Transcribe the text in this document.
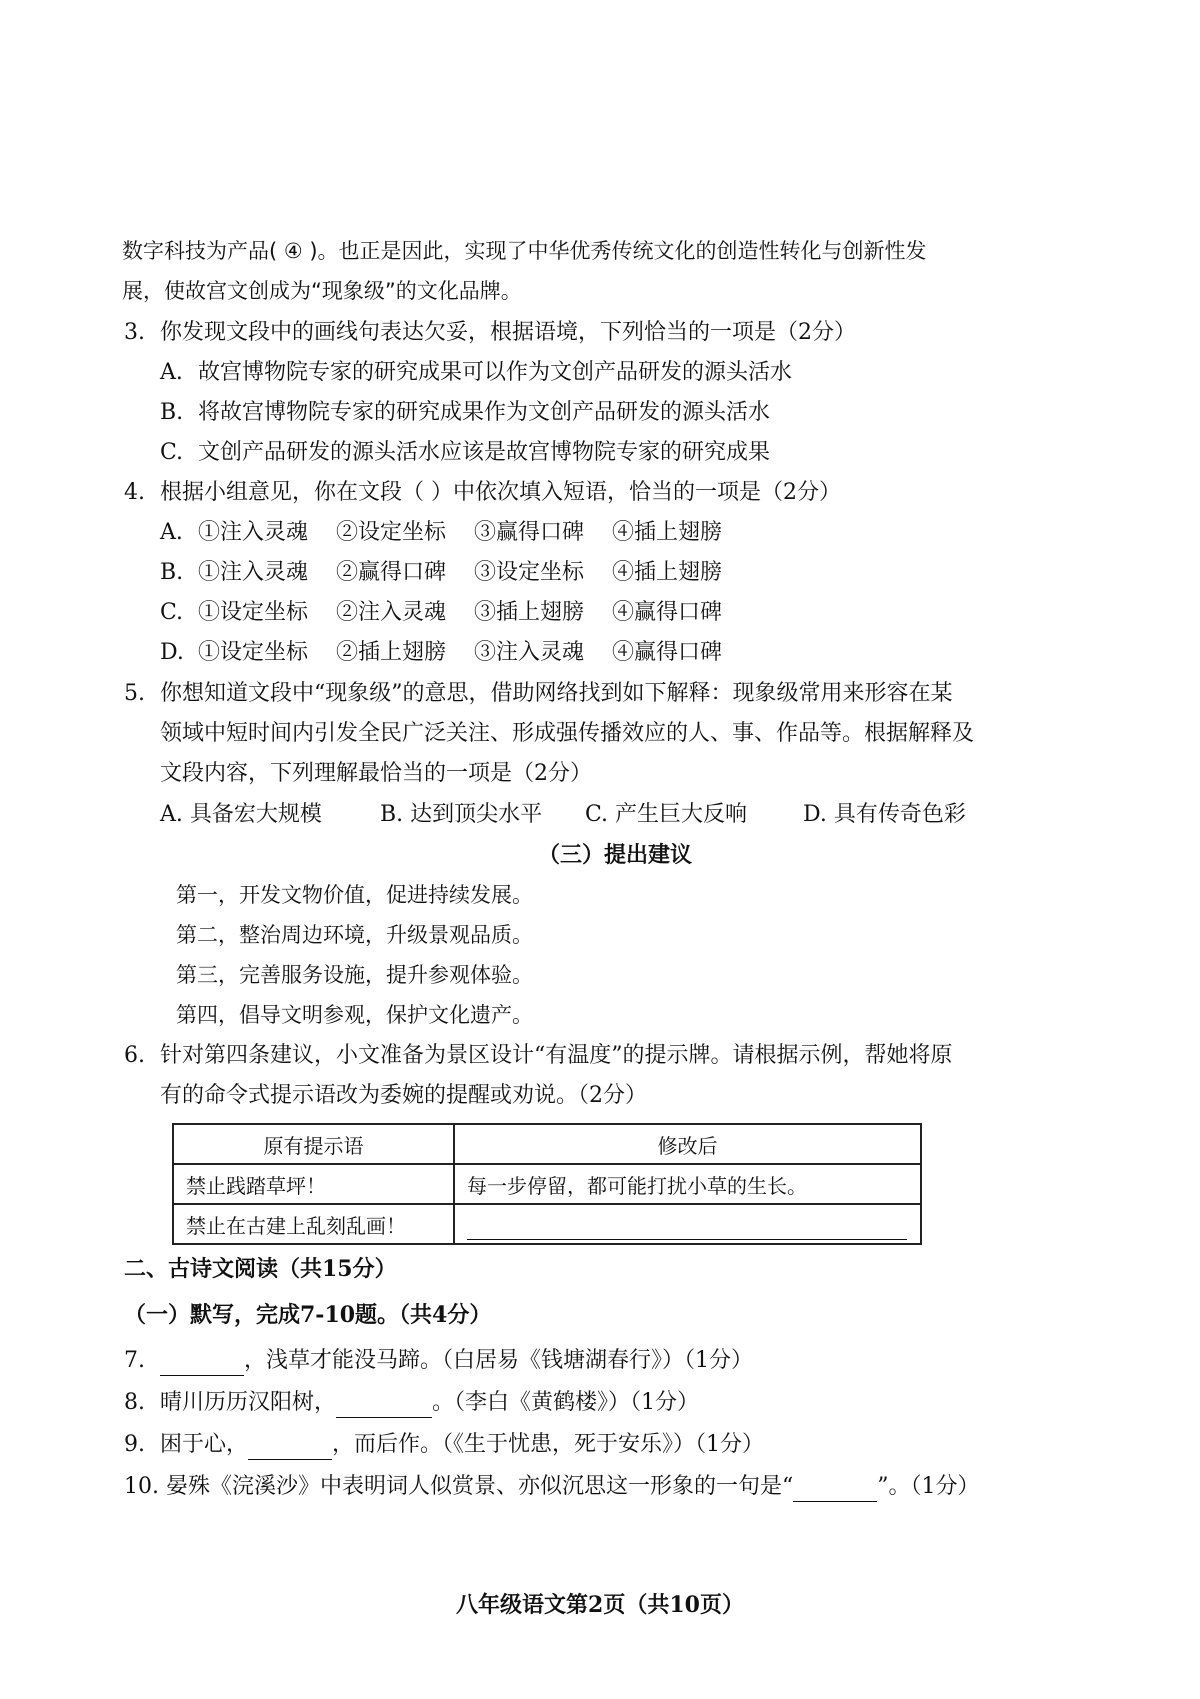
数字科技为产品( ④ )。也正是因此，实现了中华优秀传统文化的创造性转化与创新性发
展，使故宫文创成为“现象级”的文化品牌。
3. 你发现文段中的画线句表达欠妥，根据语境，下列恰当的一项是（2分）
A. 故宫博物院专家的研究成果可以作为文创产品研发的源头活水
B. 将故宫博物院专家的研究成果作为文创产品研发的源头活水
C. 文创产品研发的源头活水应该是故宫博物院专家的研究成果
4. 根据小组意见，你在文段（ ）中依次填入短语，恰当的一项是（2分）
A. ①注入灵魂 ②设定坐标 ③赢得口碑 ④插上翅膀
B. ①注入灵魂 ②赢得口碑 ③设定坐标 ④插上翅膀
C. ①设定坐标 ②注入灵魂 ③插上翅膀 ④赢得口碑
D. ①设定坐标 ②插上翅膀 ③注入灵魂 ④赢得口碑
5. 你想知道文段中“现象级”的意思，借助网络找到如下解释：现象级常用来形容在某
领域中短时间内引发全民广泛关注、形成强传播效应的人、事、作品等。根据解释及
文段内容，下列理解最恰当的一项是（2分）
A. 具备宏大规模	B. 达到顶尖水平 C. 产生巨大反响	D. 具有传奇色彩
（三）提出建议
第一，开发文物价值，促进持续发展。
第二，整治周边环境，升级景观品质。
第三，完善服务设施，提升参观体验。
第四，倡导文明参观，保护文化遗产。
6. 针对第四条建议，小文准备为景区设计“有温度”的提示牌。请根据示例，帮她将原
有的命令式提示语改为委婉的提醒或劝说。（2分）
原有提示语	修改后
禁止践踏草坪！	每一步停留，都可能打扰小草的生长。
禁止在古建上乱刻乱画！	
二、古诗文阅读（共15分）
（一）默写，完成7-10题。（共4分）
7.	，浅草才能没马蹄。（白居易《钱塘湖春行》）（1分）
8. 晴川历历汉阳树，	。（李白《黄鹤楼》）（1分）
9. 困于心，	，而后作。（《生于忧患，死于安乐》）（1分）
10. 晏殊《浣溪沙》中表明词人似赏景、亦似沉思这一形象的一句是“	”。（1分）
八年级语文第2页（共10页）
